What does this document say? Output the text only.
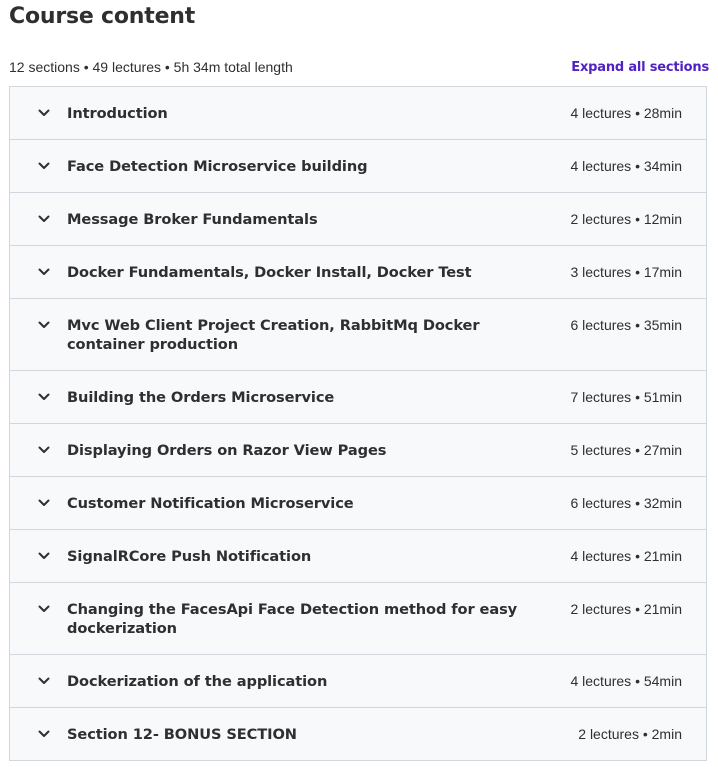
Course content
12 sections • 49 lectures • 5h 34m total length	Expand all sections
Introduction	4 lectures • 28min
Face Detection Microservice building	4 lectures • 34min
Message Broker Fundamentals	2 lectures • 12min
Docker Fundamentals, Docker Install, Docker Test	3 lectures • 17min
Mvc Web Client Project Creation, RabbitMq Docker container production
6 lectures • 35min
Building the Orders Microservice	7 lectures • 51min
Displaying Orders on Razor View Pages	5 lectures • 27min
Customer Notification Microservice	6 lectures • 32min
SignalRCore Push Notification	4 lectures • 21min
Changing the FacesApi Face Detection method for easy dockerization
2 lectures • 21min
Dockerization of the application	4 lectures • 54min
Section 12- BONUS SECTION	2 lectures • 2min
